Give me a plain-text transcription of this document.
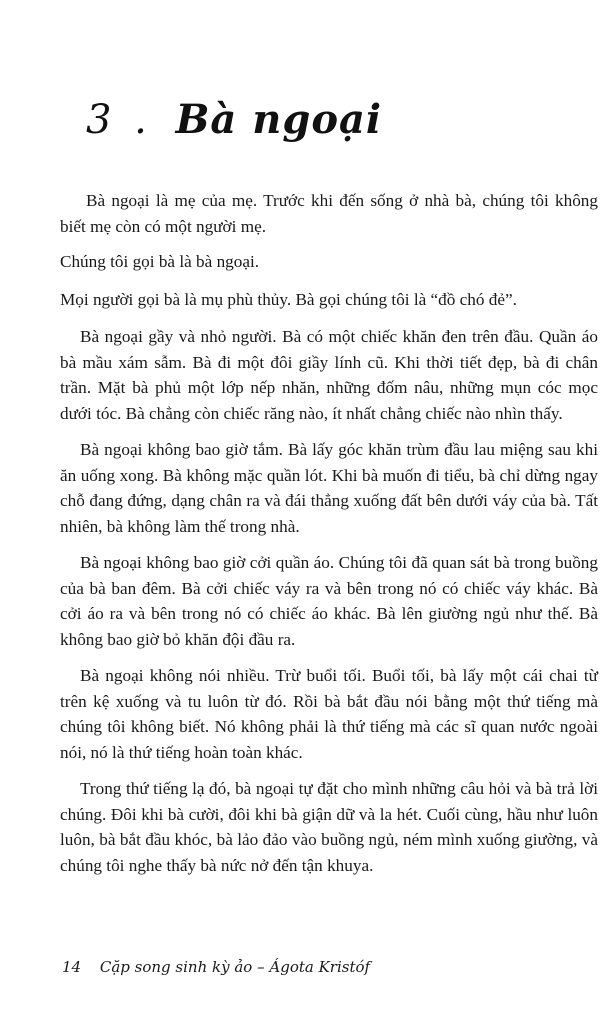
3 . Bà ngoại

Bà ngoại là mẹ của mẹ. Trước khi đến sống ở nhà bà, chúng tôi không biết mẹ còn có một người mẹ.

Chúng tôi gọi bà là bà ngoại.

Mọi người gọi bà là mụ phù thủy. Bà gọi chúng tôi là “đồ chó đẻ”.

Bà ngoại gầy và nhỏ người. Bà có một chiếc khăn đen trên đầu. Quần áo bà mầu xám sẫm. Bà đi một đôi giầy lính cũ. Khi thời tiết đẹp, bà đi chân trần. Mặt bà phủ một lớp nếp nhăn, những đốm nâu, những mụn cóc mọc dưới tóc. Bà chẳng còn chiếc răng nào, ít nhất chẳng chiếc nào nhìn thấy.

Bà ngoại không bao giờ tắm. Bà lấy góc khăn trùm đầu lau miệng sau khi ăn uống xong. Bà không mặc quần lót. Khi bà muốn đi tiểu, bà chỉ dừng ngay chỗ đang đứng, dạng chân ra và đái thẳng xuống đất bên dưới váy của bà. Tất nhiên, bà không làm thế trong nhà.

Bà ngoại không bao giờ cởi quần áo. Chúng tôi đã quan sát bà trong buồng của bà ban đêm. Bà cởi chiếc váy ra và bên trong nó có chiếc váy khác. Bà cởi áo ra và bên trong nó có chiếc áo khác. Bà lên giường ngủ như thế. Bà không bao giờ bỏ khăn đội đầu ra.

Bà ngoại không nói nhiều. Trừ buổi tối. Buổi tối, bà lấy một cái chai từ trên kệ xuống và tu luôn từ đó. Rồi bà bắt đầu nói bằng một thứ tiếng mà chúng tôi không biết. Nó không phải là thứ tiếng mà các sĩ quan nước ngoài nói, nó là thứ tiếng hoàn toàn khác.

Trong thứ tiếng lạ đó, bà ngoại tự đặt cho mình những câu hỏi và bà trả lời chúng. Đôi khi bà cười, đôi khi bà giận dữ và la hét. Cuối cùng, hầu như luôn luôn, bà bắt đầu khóc, bà lảo đảo vào buồng ngủ, ném mình xuống giường, và chúng tôi nghe thấy bà nức nở đến tận khuya.

14 Cặp song sinh kỳ ảo – Ágota Kristóf
